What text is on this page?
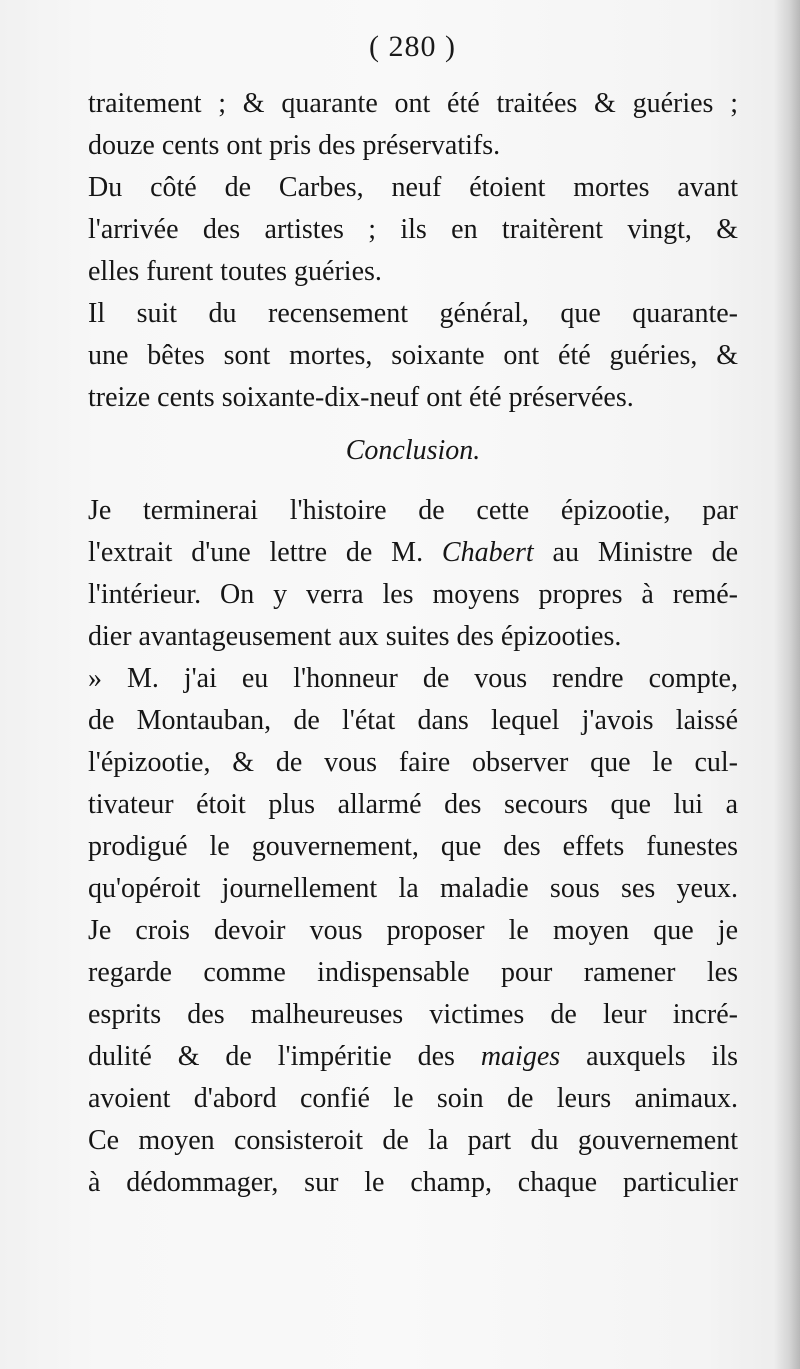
( 280 )
traitement ; & quarante ont été traitées & guéries ;
douze cents ont pris des préservatifs.
Du côté de Carbes, neuf étoient mortes avant
l'arrivée des artistes ; ils en traitèrent vingt, &
elles furent toutes guéries.
Il suit du recensement général, que quarante-
une bêtes sont mortes, soixante ont été guéries, &
treize cents soixante-dix-neuf ont été préservées.
Conclusion.
Je terminerai l'histoire de cette épizootie, par
l'extrait d'une lettre de M. Chabert au Ministre de
l'intérieur. On y verra les moyens propres à remé-
dier avantageusement aux suites des épizooties.
» M. j'ai eu l'honneur de vous rendre compte,
de Montauban, de l'état dans lequel j'avois laissé
l'épizootie, & de vous faire observer que le cul-
tivateur étoit plus allarmé des secours que lui a
prodigué le gouvernement, que des effets funestes
qu'opéroit journellement la maladie sous ses yeux.
Je crois devoir vous proposer le moyen que je
regarde comme indispensable pour ramener les
esprits des malheureuses victimes de leur incré-
dulité & de l'impéritie des maiges auxquels ils
avoient d'abord confié le soin de leurs animaux.
Ce moyen consisteroit de la part du gouvernement
à dédommager, sur le champ, chaque particulier
